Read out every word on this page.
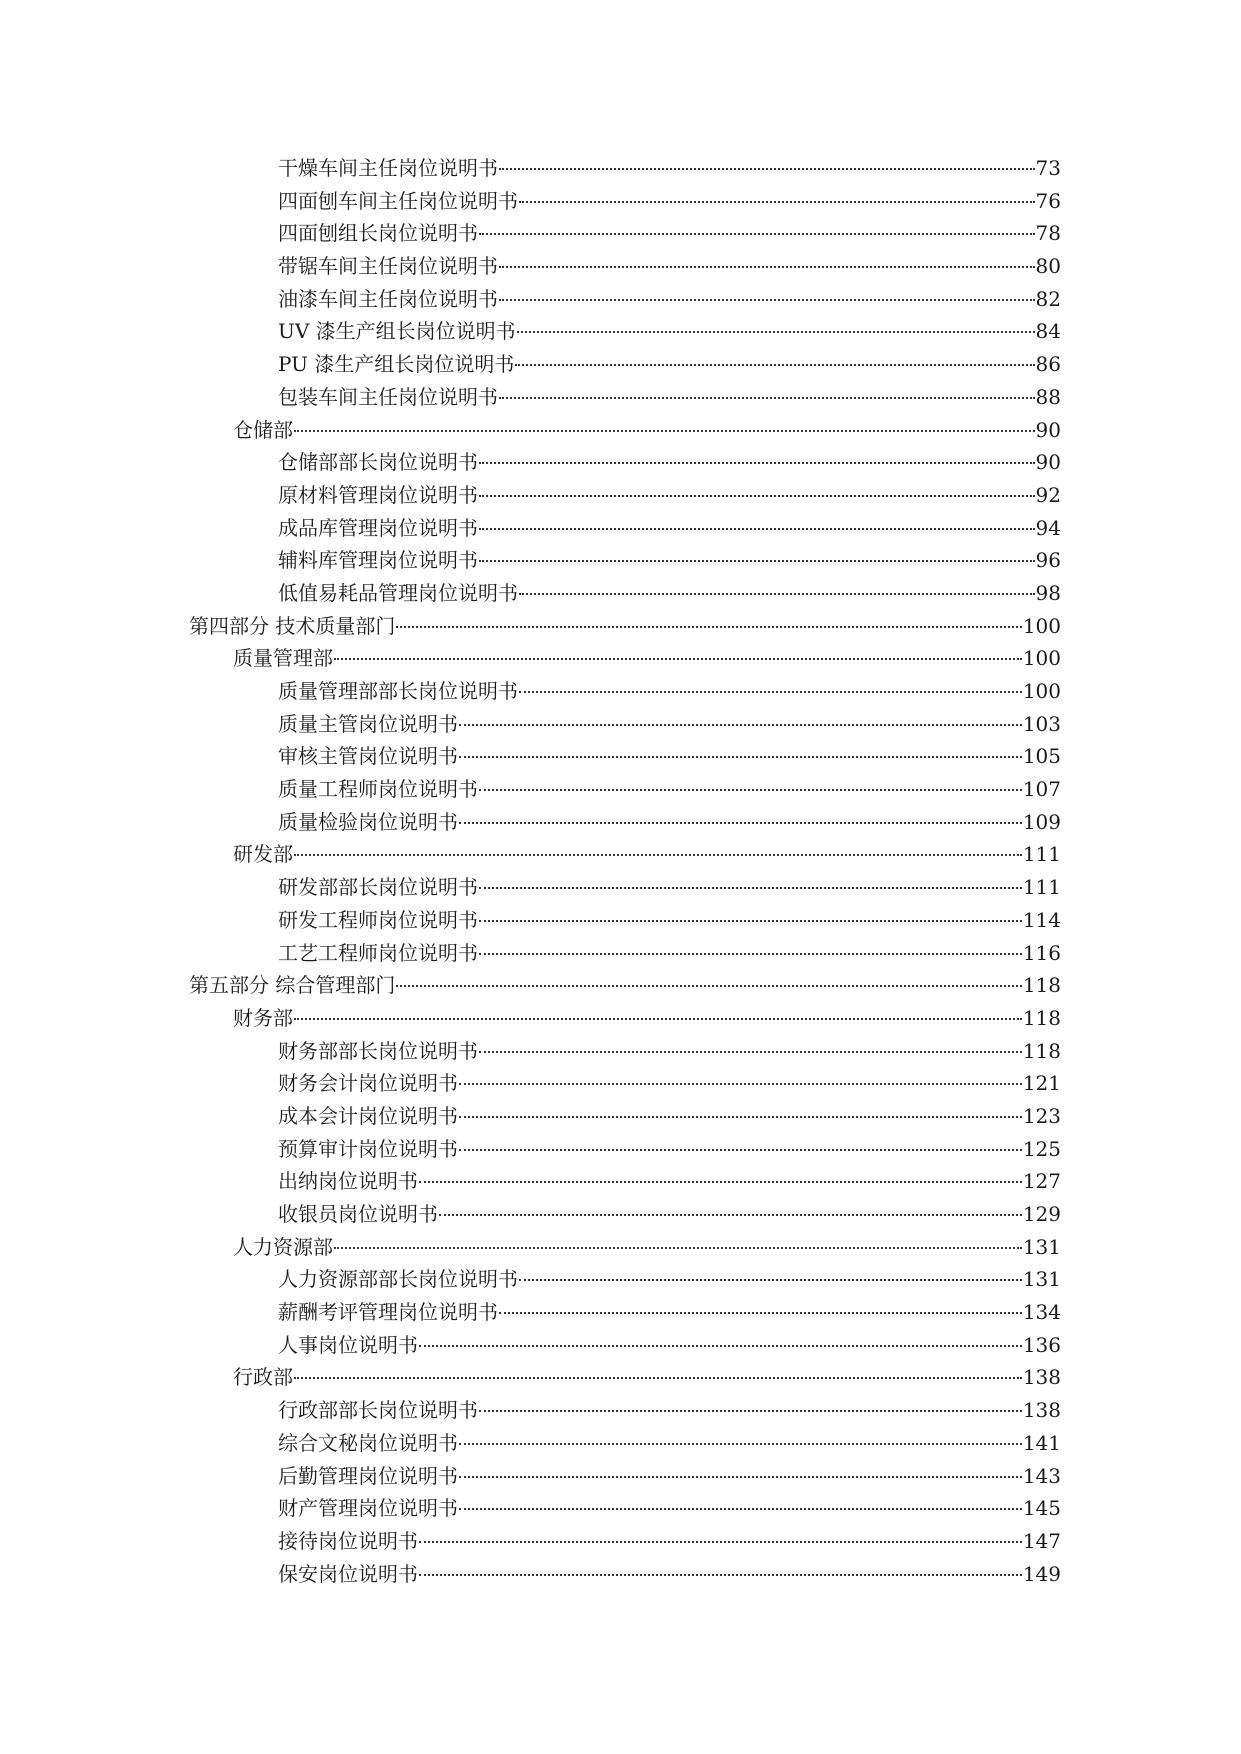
干燥车间主任岗位说明书	73
四面刨车间主任岗位说明书	76
四面刨组长岗位说明书	78
带锯车间主任岗位说明书	80
油漆车间主任岗位说明书	82
UV 漆生产组长岗位说明书	84
PU 漆生产组长岗位说明书	86
包装车间主任岗位说明书	88
仓储部	90
仓储部部长岗位说明书	90
原材料管理岗位说明书	92
成品库管理岗位说明书	94
辅料库管理岗位说明书	96
低值易耗品管理岗位说明书	98
第四部分 技术质量部门	100
质量管理部	100
质量管理部部长岗位说明书	100
质量主管岗位说明书	103
审核主管岗位说明书	105
质量工程师岗位说明书	107
质量检验岗位说明书	109
研发部	111
研发部部长岗位说明书	111
研发工程师岗位说明书	114
工艺工程师岗位说明书	116
第五部分 综合管理部门	118
财务部	118
财务部部长岗位说明书	118
财务会计岗位说明书	121
成本会计岗位说明书	123
预算审计岗位说明书	125
出纳岗位说明书	127
收银员岗位说明书	129
人力资源部	131
人力资源部部长岗位说明书	131
薪酬考评管理岗位说明书	134
人事岗位说明书	136
行政部	138
行政部部长岗位说明书	138
综合文秘岗位说明书	141
后勤管理岗位说明书	143
财产管理岗位说明书	145
接待岗位说明书	147
保安岗位说明书	149
